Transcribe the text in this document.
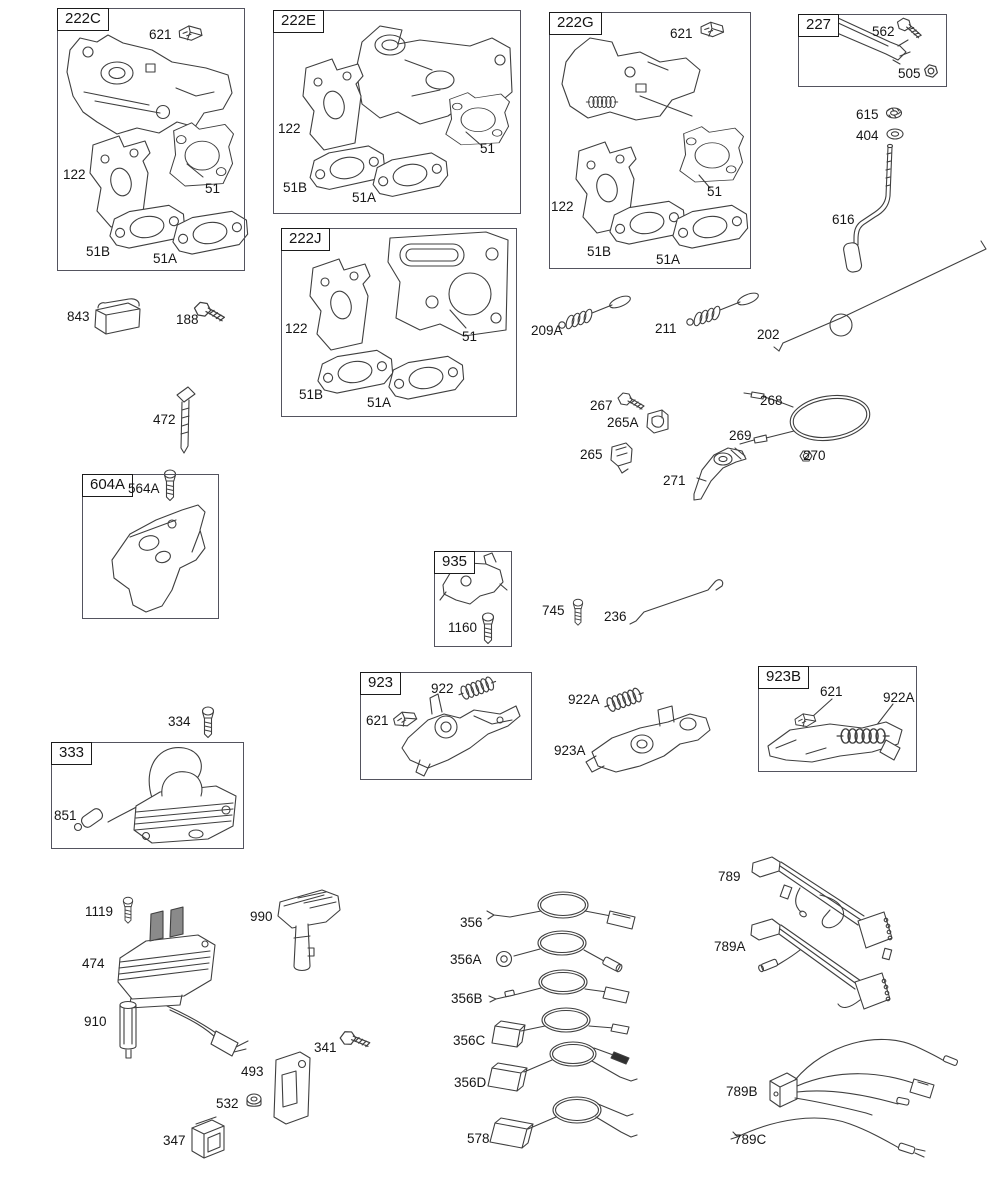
222C	222E	222G	227
222J
604A
935
923	923B
333
621
122
51
51B	51A
122
51
51B
51A
621
122
51
51B
51A
562
505
615
404
616
843	188
472
122
51
51B
51A
209A	211	202
267
265A
265
271
269
268
270
564A
1160
745	236
922
621
922A
923A
621	922A
334
851
1119	990
474
910
341
493
532
347
356
356A
356B
356C
356D
578
789
789A
789B
789C
